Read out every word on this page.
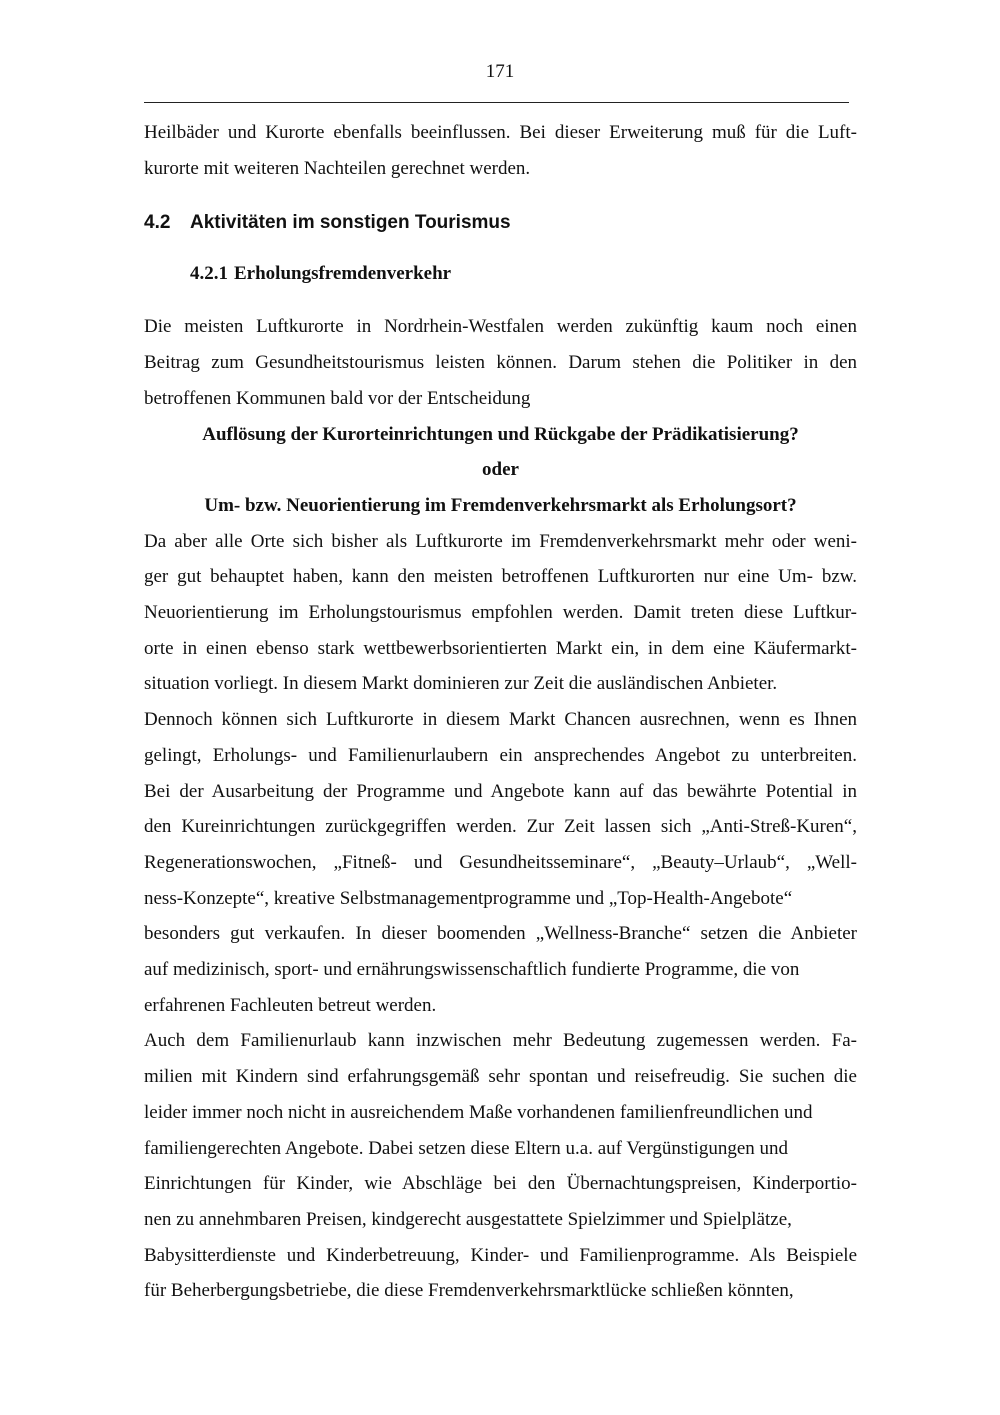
171

Heilbäder und Kurorte ebenfalls beeinflussen. Bei dieser Erweiterung muß für die Luft-
kurorte mit weiteren Nachteilen gerechnet werden.

4.2 Aktivitäten im sonstigen Tourismus
4.2.1 Erholungsfremdenverkehr

Die meisten Luftkurorte in Nordrhein-Westfalen werden zukünftig kaum noch einen
Beitrag zum Gesundheitstourismus leisten können. Darum stehen die Politiker in den
betroffenen Kommunen bald vor der Entscheidung

Auflösung der Kurorteinrichtungen und Rückgabe der Prädikatisierung?

oder

Um- bzw. Neuorientierung im Fremdenverkehrsmarkt als Erholungsort?

Da aber alle Orte sich bisher als Luftkurorte im Fremdenverkehrsmarkt mehr oder weni-
ger gut behauptet haben, kann den meisten betroffenen Luftkurorten nur eine Um- bzw.
Neuorientierung im Erholungstourismus empfohlen werden. Damit treten diese Luftkur-
orte in einen ebenso stark wettbewerbsorientierten Markt ein, in dem eine Käufermarkt-
situation vorliegt. In diesem Markt dominieren zur Zeit die ausländischen Anbieter.
Dennoch können sich Luftkurorte in diesem Markt Chancen ausrechnen, wenn es Ihnen
gelingt, Erholungs- und Familienurlaubern ein ansprechendes Angebot zu unterbreiten.
Bei der Ausarbeitung der Programme und Angebote kann auf das bewährte Potential in
den Kureinrichtungen zurückgegriffen werden. Zur Zeit lassen sich „Anti-Streß-Kuren“,
Regenerationswochen, „Fitneß- und Gesundheitsseminare“, „Beauty–Urlaub“, „Well-
ness-Konzepte“, kreative Selbstmanagementprogramme und „Top-Health-Angebote“
besonders gut verkaufen. In dieser boomenden „Wellness-Branche“ setzen die Anbieter
auf medizinisch, sport- und ernährungswissenschaftlich fundierte Programme, die von
erfahrenen Fachleuten betreut werden.

Auch dem Familienurlaub kann inzwischen mehr Bedeutung zugemessen werden. Fa-
milien mit Kindern sind erfahrungsgemäß sehr spontan und reisefreudig. Sie suchen die
leider immer noch nicht in ausreichendem Maße vorhandenen familienfreundlichen und
familiengerechten Angebote. Dabei setzen diese Eltern u.a. auf Vergünstigungen und
Einrichtungen für Kinder, wie Abschläge bei den Übernachtungspreisen, Kinderportio-
nen zu annehmbaren Preisen, kindgerecht ausgestattete Spielzimmer und Spielplätze,
Babysitterdienste und Kinderbetreuung, Kinder- und Familienprogramme. Als Beispiele
für Beherbergungsbetriebe, die diese Fremdenverkehrsmarktlücke schließen könnten,
